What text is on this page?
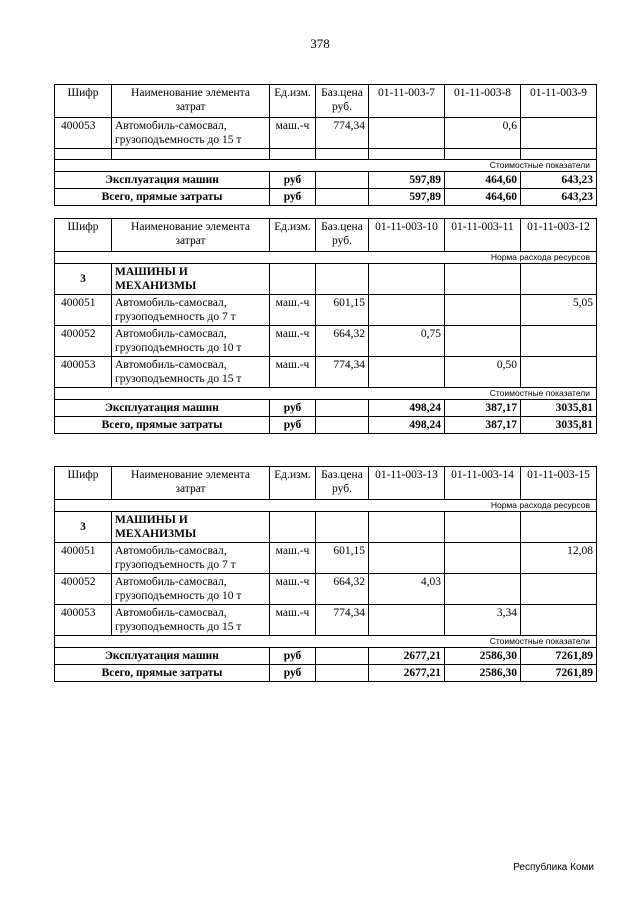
378
Шифр	Наименование элемента затрат	Ед.изм.	Баз.цена руб.	01-11-003-7	01-11-003-8	01-11-003-9
400053	Автомобиль-самосвал, грузоподъемность до 15 т	маш.-ч	774,34		0,6	

Стоимостные показатели						
Эксплуатация машин		руб		597,89	464,60	643,23
Всего, прямые затраты		руб		597,89	464,60	643,23
Шифр	Наименование элемента затрат	Ед.изм.	Баз.цена руб.	01-11-003-10	01-11-003-11	01-11-003-12
Норма расхода ресурсов						
3	МАШИНЫ И МЕХАНИЗМЫ					
400051	Автомобиль-самосвал, грузоподъемность до 7 т	маш.-ч	601,15			5,05
400052	Автомобиль-самосвал, грузоподъемность до 10 т	маш.-ч	664,32	0,75		
400053	Автомобиль-самосвал, грузоподъемность до 15 т	маш.-ч	774,34		0,50	
Стоимостные показатели						
Эксплуатация машин		руб		498,24	387,17	3035,81
Всего, прямые затраты		руб		498,24	387,17	3035,81
Шифр	Наименование элемента затрат	Ед.изм.	Баз.цена руб.	01-11-003-13	01-11-003-14	01-11-003-15
Норма расхода ресурсов						
3	МАШИНЫ И МЕХАНИЗМЫ					
400051	Автомобиль-самосвал, грузоподъемность до 7 т	маш.-ч	601,15			12,08
400052	Автомобиль-самосвал, грузоподъемность до 10 т	маш.-ч	664,32	4,03		
400053	Автомобиль-самосвал, грузоподъемность до 15 т	маш.-ч	774,34		3,34	
Стоимостные показатели						
Эксплуатация машин		руб		2677,21	2586,30	7261,89
Всего, прямые затраты		руб		2677,21	2586,30	7261,89
Республика Коми
